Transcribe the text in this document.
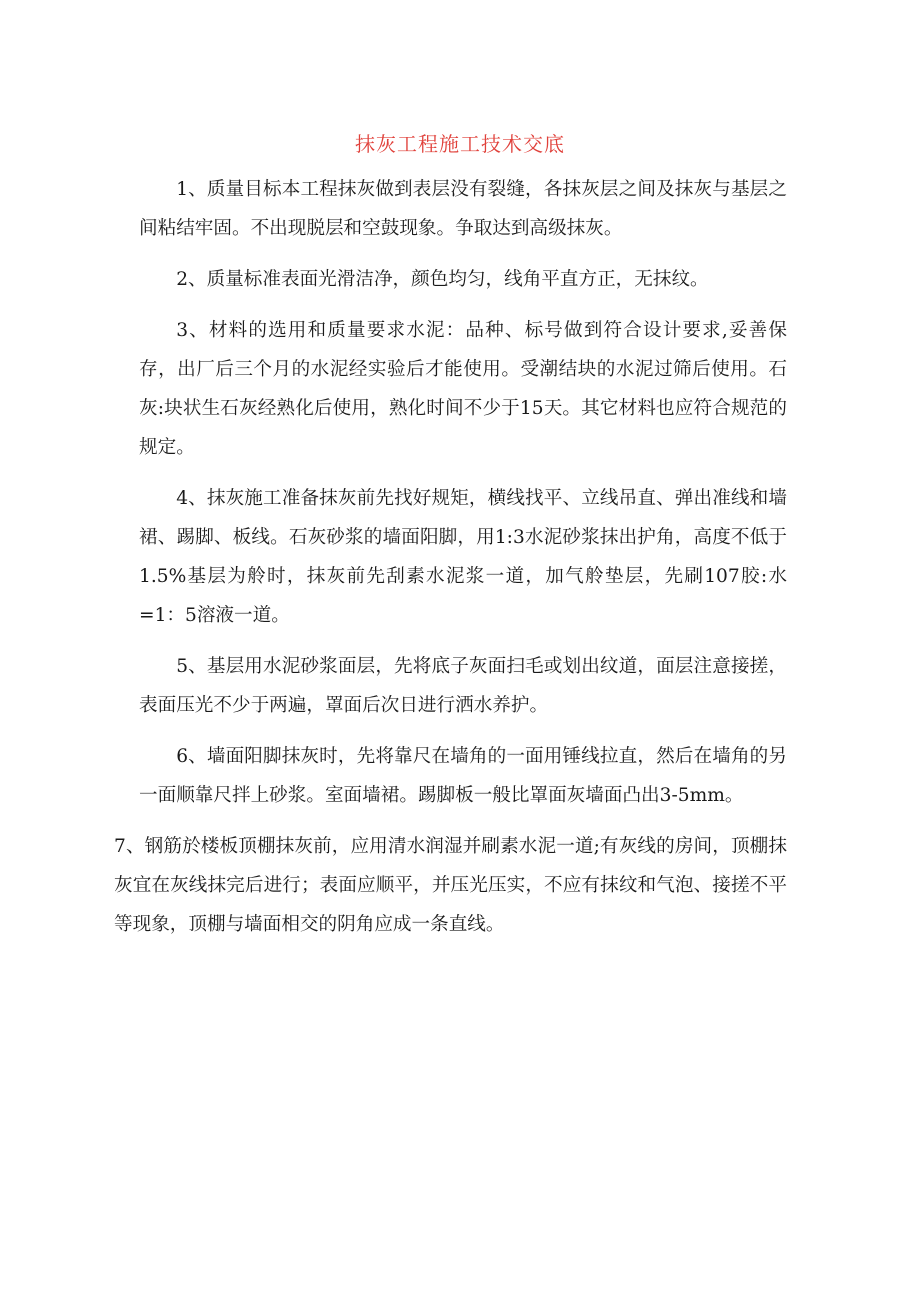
抹灰工程施工技术交底

1、质量目标本工程抹灰做到表层没有裂缝，各抹灰层之间及抹灰与基层之间粘结牢固。不出现脱层和空鼓现象。争取达到高级抹灰。

2、质量标准表面光滑洁净，颜色均匀，线角平直方正，无抹纹。

3、材料的选用和质量要求水泥：品种、标号做到符合设计要求,妥善保存，出厂后三个月的水泥经实验后才能使用。受潮结块的水泥过筛后使用。石灰:块状生石灰经熟化后使用，熟化时间不少于15天。其它材料也应符合规范的规定。

4、抹灰施工准备抹灰前先找好规矩，横线找平、立线吊直、弹出准线和墙裙、踢脚、板线。石灰砂浆的墙面阳脚，用1:3水泥砂浆抹出护角，高度不低于1.5%基层为舲时，抹灰前先刮素水泥浆一道，加气舲垫层，先刷107胶:水=1：5溶液一道。

5、基层用水泥砂浆面层，先将底子灰面扫毛或划出纹道，面层注意接搓，表面压光不少于两遍，罩面后次日进行洒水养护。

6、墙面阳脚抹灰时，先将靠尺在墙角的一面用锤线拉直，然后在墙角的另一面顺靠尺拌上砂浆。室面墙裙。踢脚板一般比罩面灰墙面凸出3-5mm。

7、钢筋於楼板顶棚抹灰前，应用清水润湿并刷素水泥一道;有灰线的房间，顶棚抹灰宜在灰线抹完后进行；表面应顺平，并压光压实，不应有抹纹和气泡、接搓不平等现象，顶棚与墙面相交的阴角应成一条直线。
